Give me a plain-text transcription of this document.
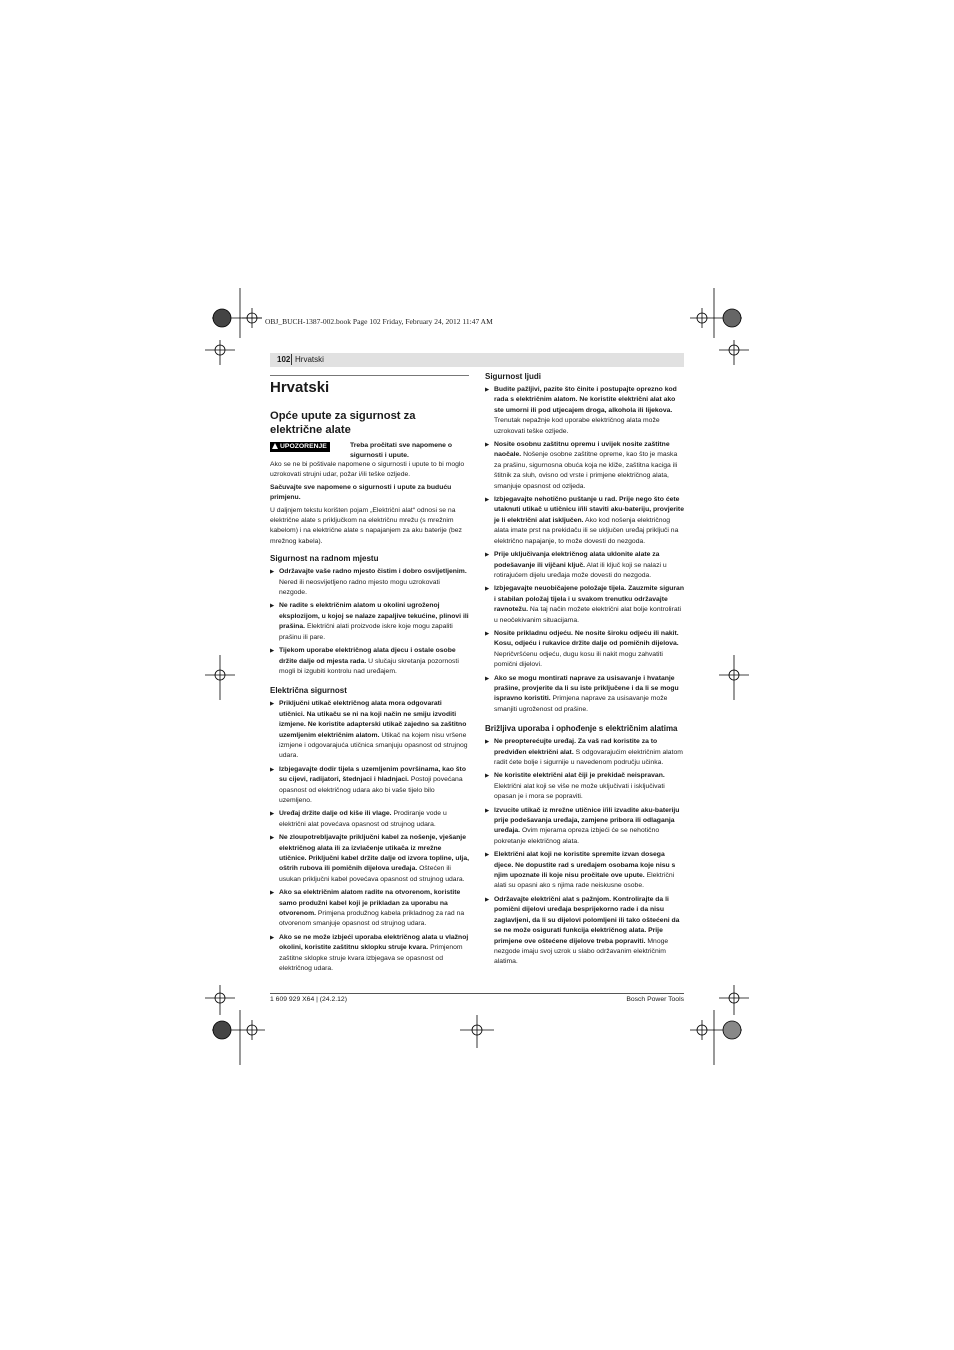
OBJ_BUCH-1387-002.book Page 102 Friday, February 24, 2012 11:47 AM
102 Hrvatski
Hrvatski
Opće upute za sigurnost za električne alate
UPOZORENJE	Treba pročitati sve napomene o sigurnosti i upute.

Ako se ne bi poštivale napomene o sigurnosti i upute to bi moglo uzrokovati strujni udar, požar i/ili teške ozljede.

Sačuvajte sve napomene o sigurnosti i upute za buduću primjenu.

U daljnjem tekstu korišten pojam „Električni alat“ odnosi se na električne alate s priključkom na električnu mrežu (s mrežnim kabelom) i na električne alate s napajanjem za aku baterije (bez mrežnog kabela).

Sigurnost na radnom mjestu
▶ Održavajte vaše radno mjesto čistim i dobro osvijetljenim. Nered ili neosvijetljeno radno mjesto mogu uzrokovati nezgode.
▶ Ne radite s električnim alatom u okolini ugroženoj eksplozijom, u kojoj se nalaze zapaljive tekućine, plinovi ili prašina. Električni alati proizvode iskre koje mogu zapaliti prašinu ili pare.
▶ Tijekom uporabe električnog alata djecu i ostale osobe držite dalje od mjesta rada. U slučaju skretanja pozornosti mogli bi izgubiti kontrolu nad uređajem.
Električna sigurnost
▶ Priključni utikač električnog alata mora odgovarati utičnici. Na utikaču se ni na koji način ne smiju izvoditi izmjene. Ne koristite adapterski utikač zajedno sa zaštitno uzemljenim električnim alatom. Utikač na kojem nisu vršene izmjene i odgovarajuća utičnica smanjuju opasnost od strujnog udara.
▶ Izbjegavajte dodir tijela s uzemljenim površinama, kao što su cijevi, radijatori, štednjaci i hladnjaci. Postoji povećana opasnost od električnog udara ako bi vaše tijelo bilo uzemljeno.
▶ Uređaj držite dalje od kiše ili vlage. Prodiranje vode u električni alat povećava opasnost od strujnog udara.
▶ Ne zloupotrebljavajte priključni kabel za nošenje, vješanje električnog alata ili za izvlačenje utikača iz mrežne utičnice. Priključni kabel držite dalje od izvora topline, ulja, oštrih rubova ili pomičnih dijelova uređaja. Oštećen ili usukan priključni kabel povećava opasnost od strujnog udara.
▶ Ako sa električnim alatom radite na otvorenom, koristite samo produžni kabel koji je prikladan za uporabu na otvorenom. Primjena produžnog kabela prikladnog za rad na otvorenom smanjuje opasnost od strujnog udara.
▶ Ako se ne može izbjeći uporaba električnog alata u vlažnoj okolini, koristite zaštitnu sklopku struje kvara. Primjenom zaštitne sklopke struje kvara izbjegava se opasnost od električnog udara.
Sigurnost ljudi
▶ Budite pažljivi, pazite što činite i postupajte oprezno kod rada s električnim alatom. Ne koristite električni alat ako ste umorni ili pod utjecajem droga, alkohola ili lijekova. Trenutak nepažnje kod uporabe električnog alata može uzrokovati teške ozljede.
▶ Nosite osobnu zaštitnu opremu i uvijek nosite zaštitne naočale. Nošenje osobne zaštitne opreme, kao što je maska za prašinu, sigurnosna obuća koja ne kliže, zaštitna kaciga ili štitnik za sluh, ovisno od vrste i primjene električnog alata, smanjuje opasnost od ozljeda.
▶ Izbjegavajte nehotično puštanje u rad. Prije nego što ćete utaknuti utikač u utičnicu i/ili staviti aku-bateriju, provjerite je li električni alat isključen. Ako kod nošenja električnog alata imate prst na prekidaču ili se uključen uređaj priključi na električno napajanje, to može dovesti do nezgoda.
▶ Prije uključivanja električnog alata uklonite alate za podešavanje ili vijčani ključ. Alat ili ključ koji se nalazi u rotirajućem dijelu uređaja može dovesti do nezgoda.
▶ Izbjegavajte neuobičajene položaje tijela. Zauzmite siguran i stabilan položaj tijela i u svakom trenutku održavajte ravnotežu. Na taj način možete električni alat bolje kontrolirati u neočekivanim situacijama.
▶ Nosite prikladnu odjeću. Ne nosite široku odjeću ili nakit. Kosu, odjeću i rukavice držite dalje od pomičnih dijelova. Nepričvršćenu odjeću, dugu kosu ili nakit mogu zahvatiti pomični dijelovi.
▶ Ako se mogu montirati naprave za usisavanje i hvatanje prašine, provjerite da li su iste priključene i da li se mogu ispravno koristiti. Primjena naprave za usisavanje može smanjiti ugroženost od prašine.
Brižljiva uporaba i ophođenje s električnim alatima
▶ Ne preopterećujte uređaj. Za vaš rad koristite za to predviđen električni alat. S odgovarajućim električnim alatom radit ćete bolje i sigurnije u navedenom području učinka.
▶ Ne koristite električni alat čiji je prekidač neispravan. Električni alat koji se više ne može uključivati i isključivati opasan je i mora se popraviti.
▶ Izvucite utikač iz mrežne utičnice i/ili izvadite aku-bateriju prije podešavanja uređaja, zamjene pribora ili odlaganja uređaja. Ovim mjerama opreza izbjeći će se nehotično pokretanje električnog alata.
▶ Električni alat koji ne koristite spremite izvan dosega djece. Ne dopustite rad s uređajem osobama koje nisu s njim upoznate ili koje nisu pročitale ove upute. Električni alati su opasni ako s njima rade neiskusne osobe.
▶ Održavajte električni alat s pažnjom. Kontrolirajte da li pomični dijelovi uređaja besprijekorno rade i da nisu zaglavljeni, da li su dijelovi polomljeni ili tako oštećeni da se ne može osigurati funkcija električnog alata. Prije primjene ove oštećene dijelove treba popraviti. Mnoge nezgode imaju svoj uzrok u slabo održavanim električnim alatima.
1 609 929 X64 | (24.2.12)	Bosch Power Tools
